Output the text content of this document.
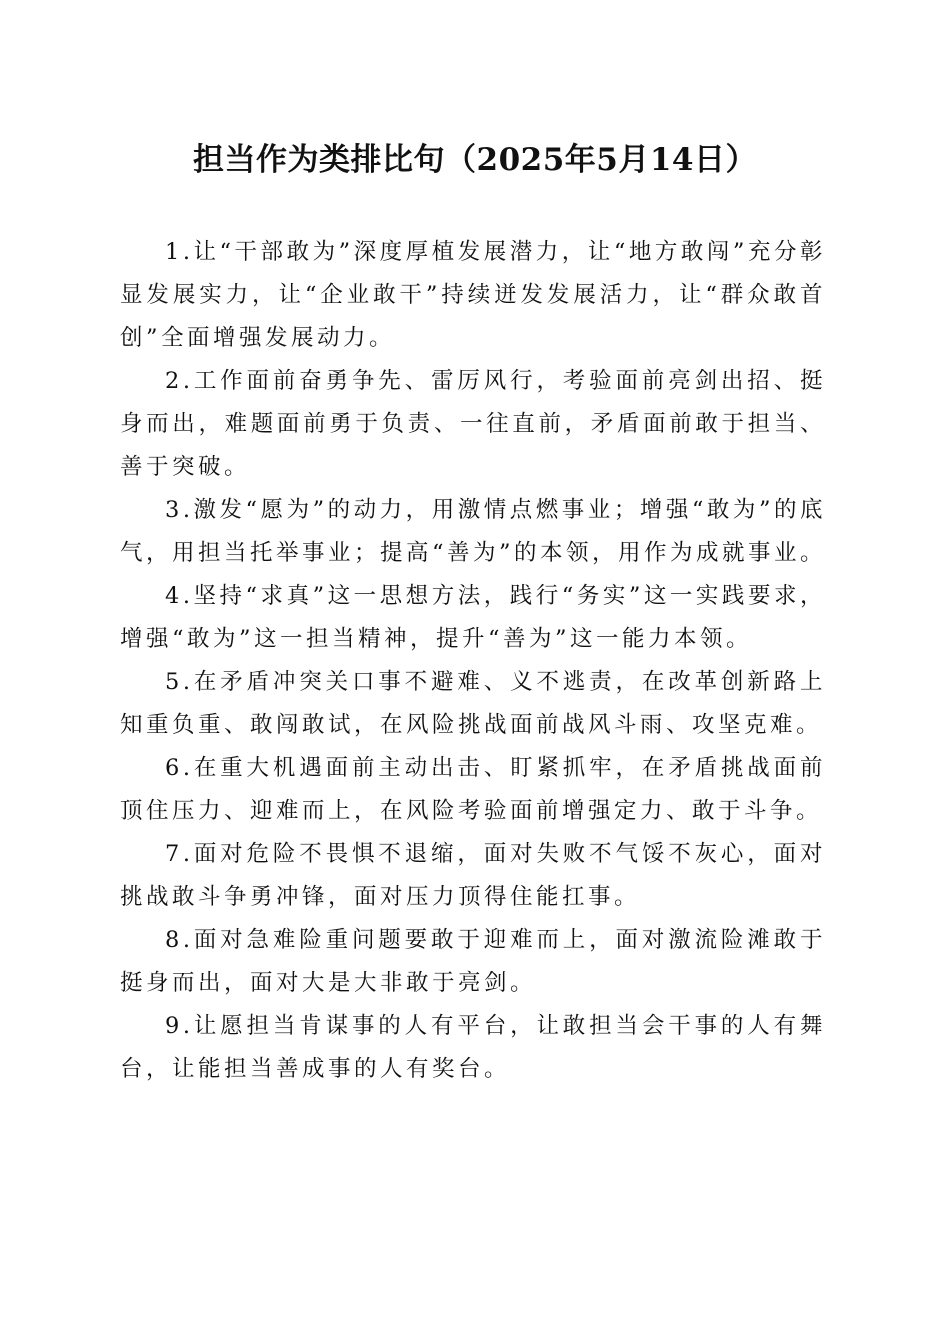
担当作为类排比句（2025年5月14日）

1.让“干部敢为”深度厚植发展潜力，让“地方敢闯”充分彰显发展实力，让“企业敢干”持续迸发发展活力，让“群众敢首创”全面增强发展动力。

2.工作面前奋勇争先、雷厉风行，考验面前亮剑出招、挺身而出，难题面前勇于负责、一往直前，矛盾面前敢于担当、善于突破。

3.激发“愿为”的动力，用激情点燃事业；增强“敢为”的底气，用担当托举事业；提高“善为”的本领，用作为成就事业。

4.坚持“求真”这一思想方法，践行“务实”这一实践要求，增强“敢为”这一担当精神，提升“善为”这一能力本领。

5.在矛盾冲突关口事不避难、义不逃责，在改革创新路上知重负重、敢闯敢试，在风险挑战面前战风斗雨、攻坚克难。

6.在重大机遇面前主动出击、盯紧抓牢，在矛盾挑战面前顶住压力、迎难而上，在风险考验面前增强定力、敢于斗争。

7.面对危险不畏惧不退缩，面对失败不气馁不灰心，面对挑战敢斗争勇冲锋，面对压力顶得住能扛事。

8.面对急难险重问题要敢于迎难而上，面对激流险滩敢于挺身而出，面对大是大非敢于亮剑。

9.让愿担当肯谋事的人有平台，让敢担当会干事的人有舞台，让能担当善成事的人有奖台。
